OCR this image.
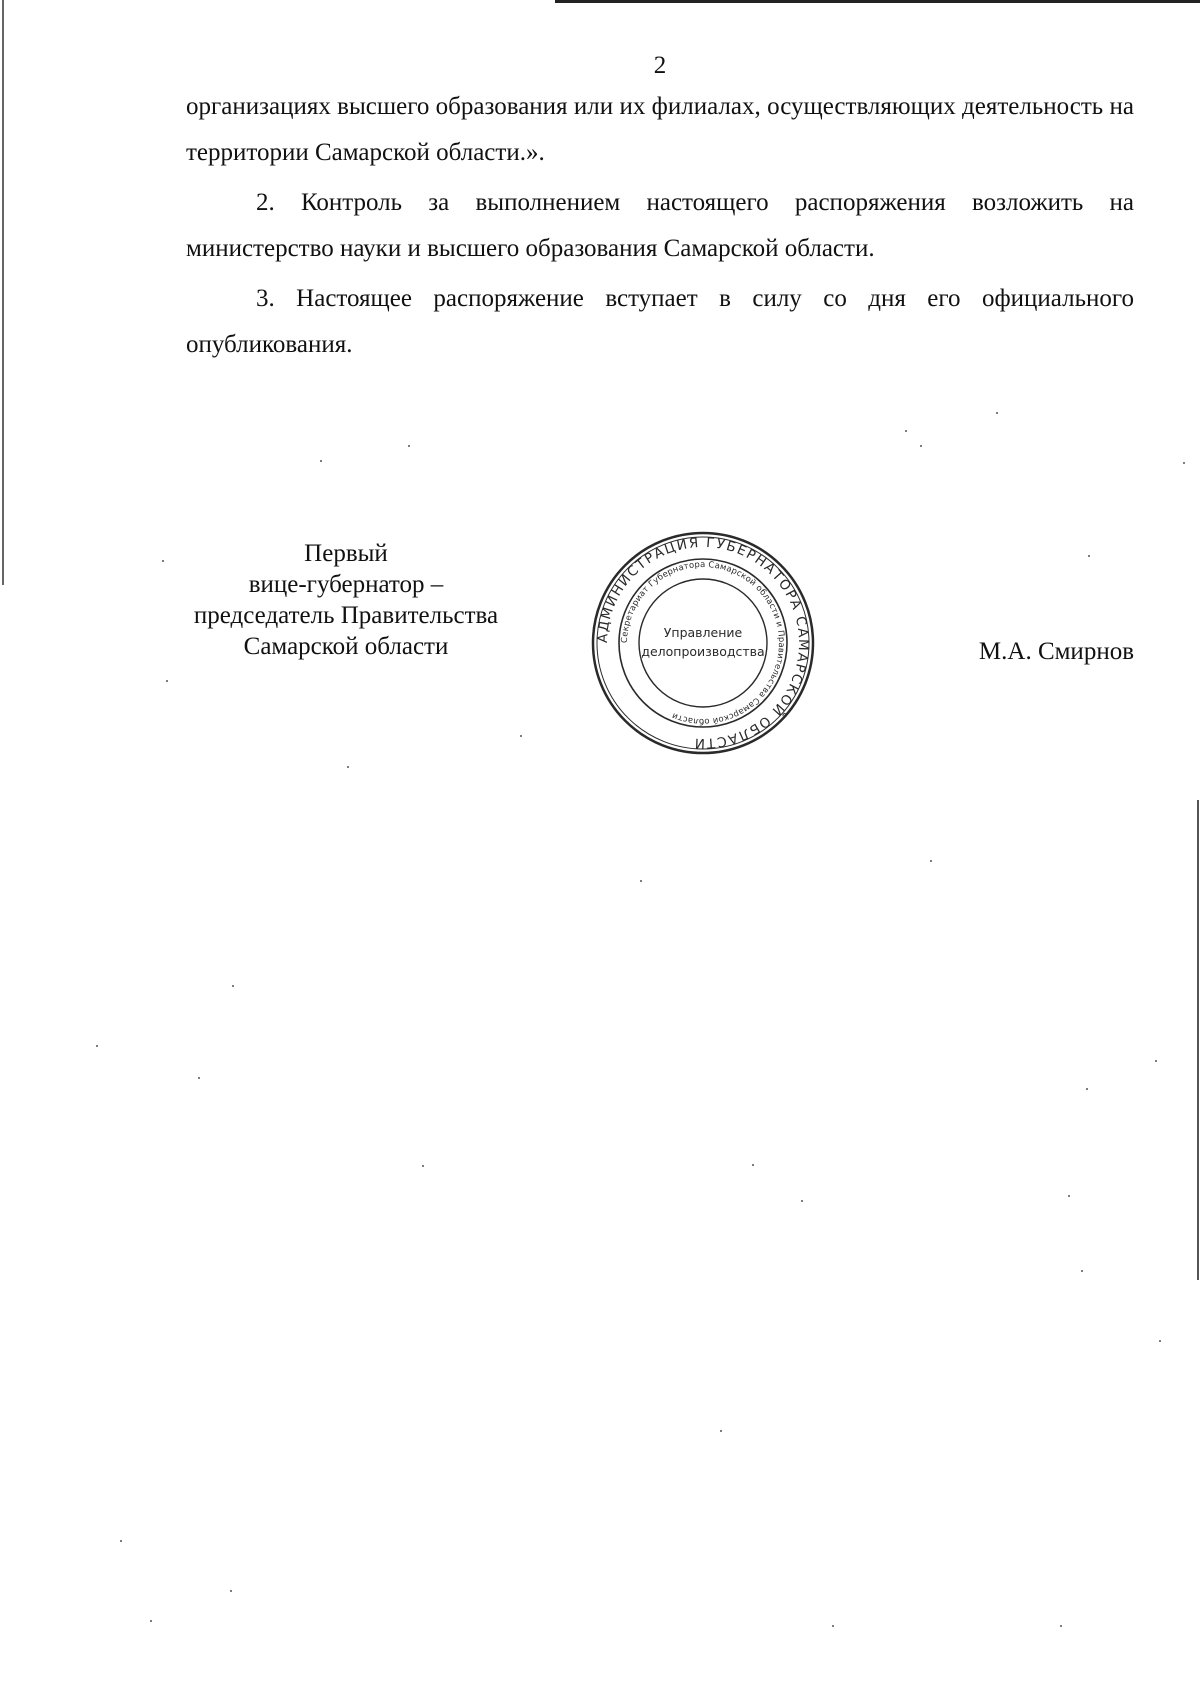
2

организациях высшего образования или их филиалах, осуществляющих деятельность на территории Самарской области.».

2. Контроль за выполнением настоящего распоряжения возложить на министерство науки и высшего образования Самарской области.

3. Настоящее распоряжение вступает в силу со дня его официального опубликования.

Первый
вице-губернатор –
председатель Правительства
Самарской области	М.А. Смирнов
АДМИНИСТРАЦИЯ ГУБЕРНАТОРА САМАРСКОЙ ОБЛАСТИ
Секретариат Губернатора Самарской области и Правительства Самарской области
Управление
делопроизводства
